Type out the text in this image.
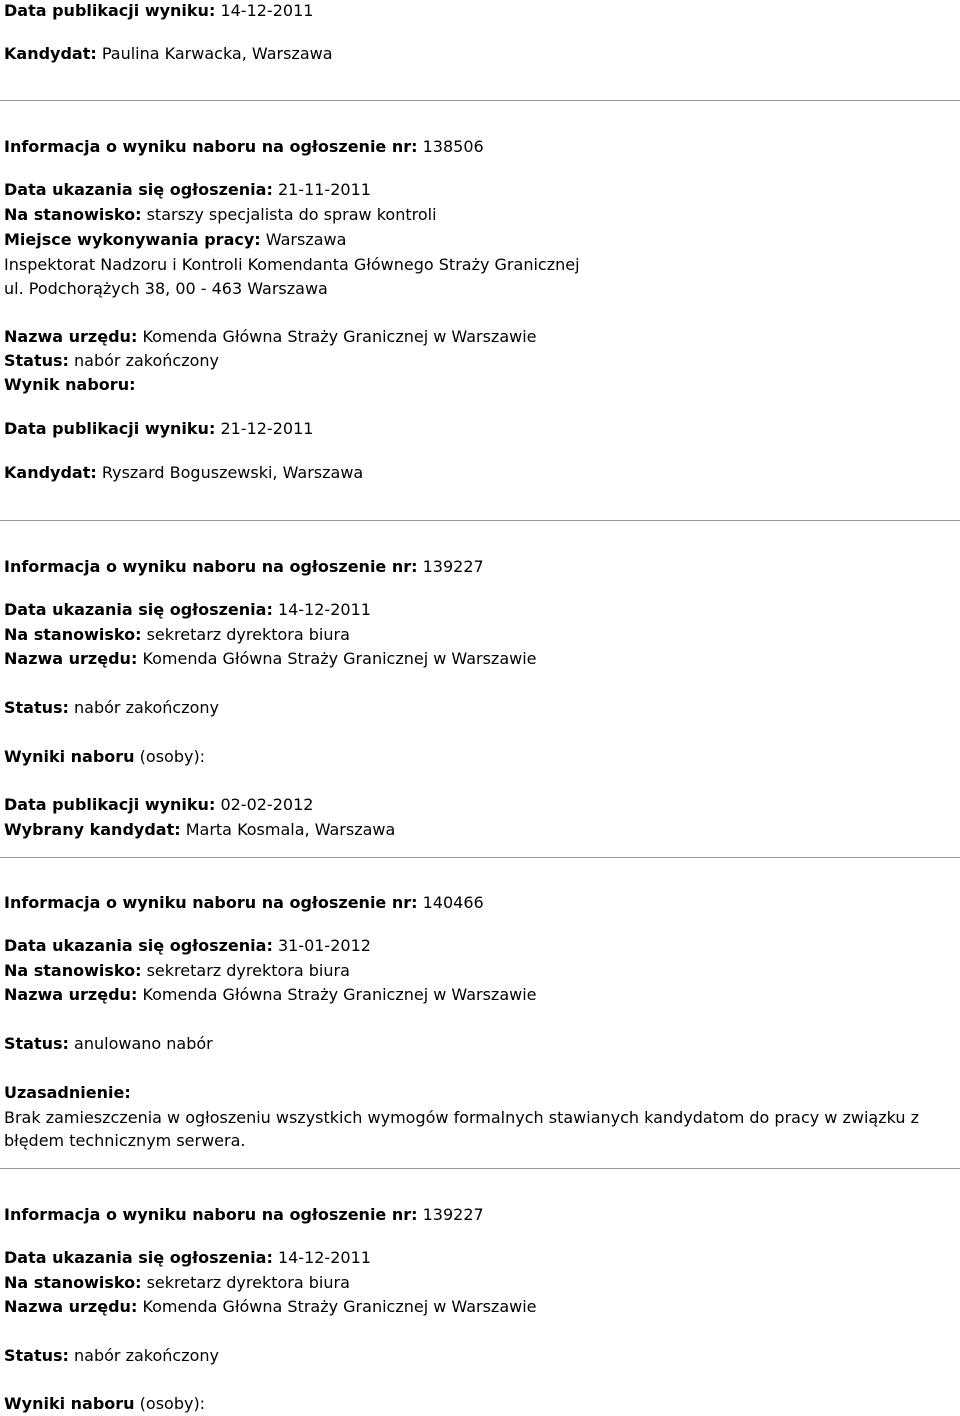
Data publikacji wyniku: 14-12-2011

Kandydat: Paulina Karwacka, Warszawa

Informacja o wyniku naboru na ogłoszenie nr: 138506

Data ukazania się ogłoszenia: 21-11-2011

Na stanowisko: starszy specjalista do spraw kontroli

Miejsce wykonywania pracy: Warszawa

Inspektorat Nadzoru i Kontroli Komendanta Głównego Straży Granicznej

ul. Podchorążych 38, 00 - 463 Warszawa

Nazwa urzędu: Komenda Główna Straży Granicznej w Warszawie

Status: nabór zakończony

Wynik naboru:

Data publikacji wyniku: 21-12-2011

Kandydat: Ryszard Boguszewski, Warszawa

Informacja o wyniku naboru na ogłoszenie nr: 139227

Data ukazania się ogłoszenia: 14-12-2011

Na stanowisko: sekretarz dyrektora biura

Nazwa urzędu: Komenda Główna Straży Granicznej w Warszawie

Status: nabór zakończony

Wyniki naboru (osoby):

Data publikacji wyniku: 02-02-2012

Wybrany kandydat: Marta Kosmala, Warszawa

Informacja o wyniku naboru na ogłoszenie nr: 140466

Data ukazania się ogłoszenia: 31-01-2012

Na stanowisko: sekretarz dyrektora biura

Nazwa urzędu: Komenda Główna Straży Granicznej w Warszawie

Status: anulowano nabór

Uzasadnienie:

Brak zamieszczenia w ogłoszeniu wszystkich wymogów formalnych stawianych kandydatom do pracy w związku z błędem technicznym serwera.

Informacja o wyniku naboru na ogłoszenie nr: 139227

Data ukazania się ogłoszenia: 14-12-2011

Na stanowisko: sekretarz dyrektora biura

Nazwa urzędu: Komenda Główna Straży Granicznej w Warszawie

Status: nabór zakończony

Wyniki naboru (osoby):
